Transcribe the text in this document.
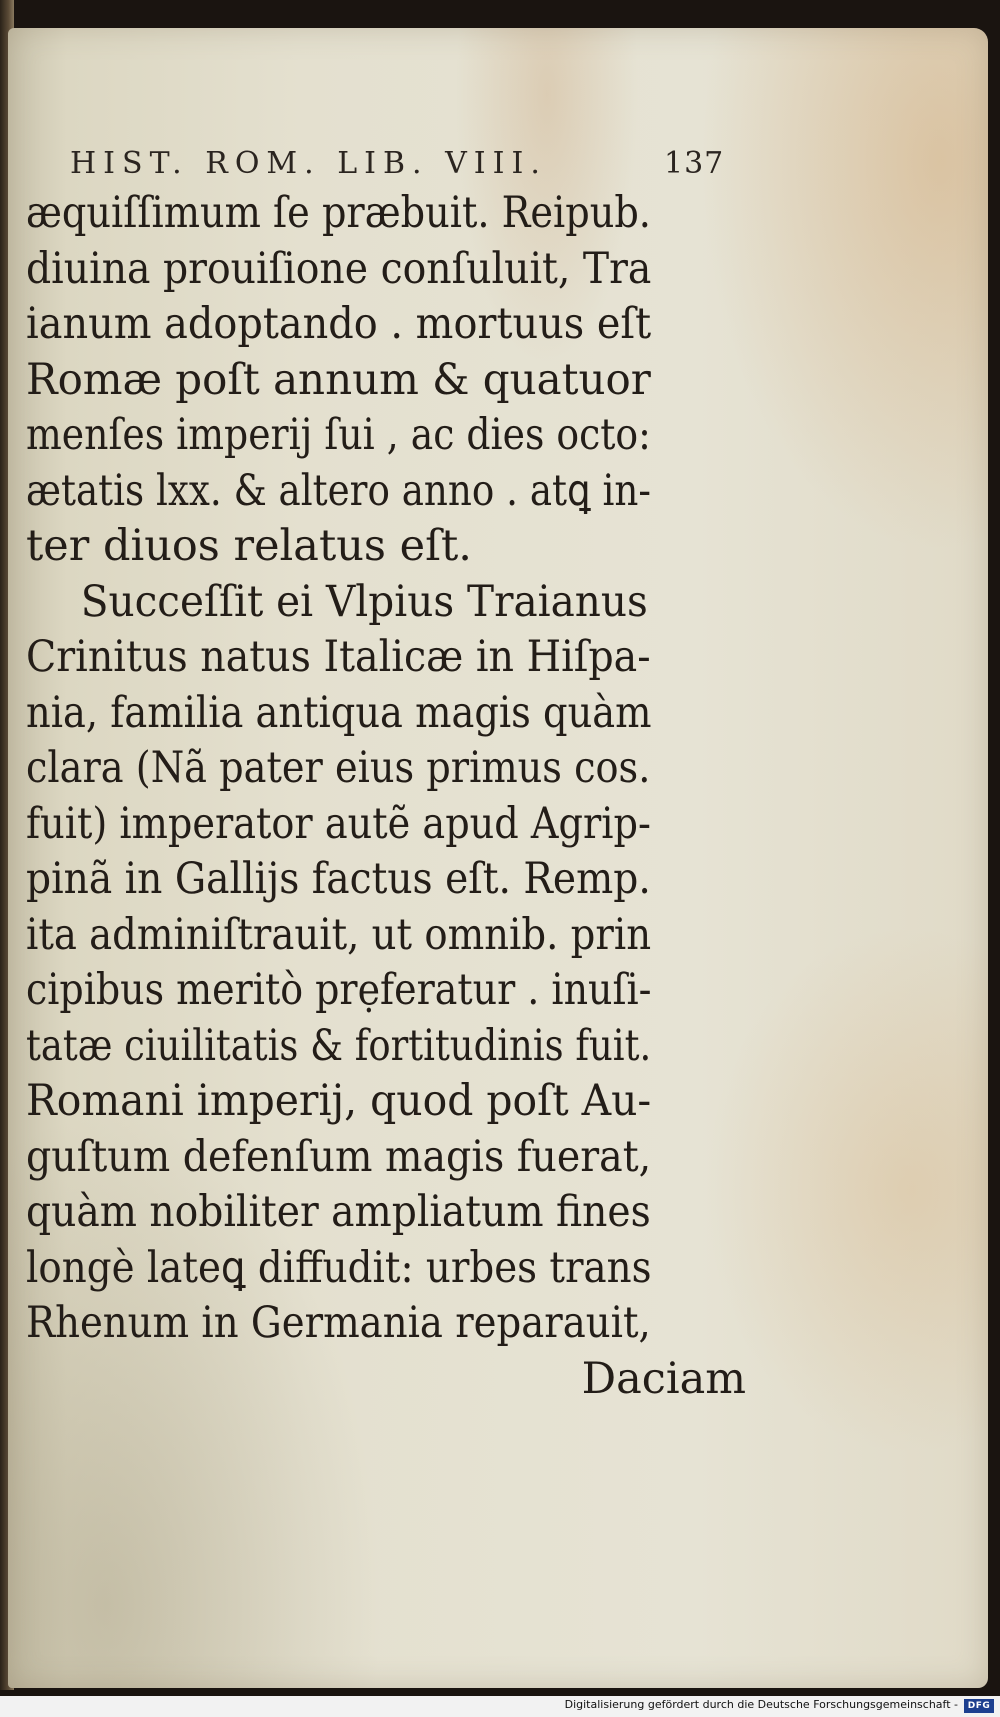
HIST. ROM. LIB. VIII.	137
æquiſſimum ſe præbuit. Reipub.
diuina prouiſione conſuluit, Tra
ianum adoptando . mortuus eſt
Romæ poſt annum & quatuor
menſes imperij ſui , ac dies octo:
ætatis lxx. & altero anno . atꝗ in-
ter diuos relatus eſt.
Succeſſit ei Vlpius Traianus
Crinitus natus Italicæ in Hiſpa-
nia, familia antiqua magis quàm
clara (Nã pater eius primus cos.
fuit) imperator autẽ apud Agrip-
pinã in Gallijs factus eſt. Remp.
ita adminiſtrauit, ut omnib. prin
cipibus meritò prẹferatur . inuſi-
tatæ ciuilitatis & fortitudinis fuit.
Romani imperij, quod poſt Au-
guſtum defenſum magis fuerat,
quàm nobiliter ampliatum fines
longè lateꝗ diffudit: urbes trans
Rhenum in Germania reparauit,
Daciam
Digitalisierung gefördert durch die Deutsche Forschungsgemeinschaft -	DFG
